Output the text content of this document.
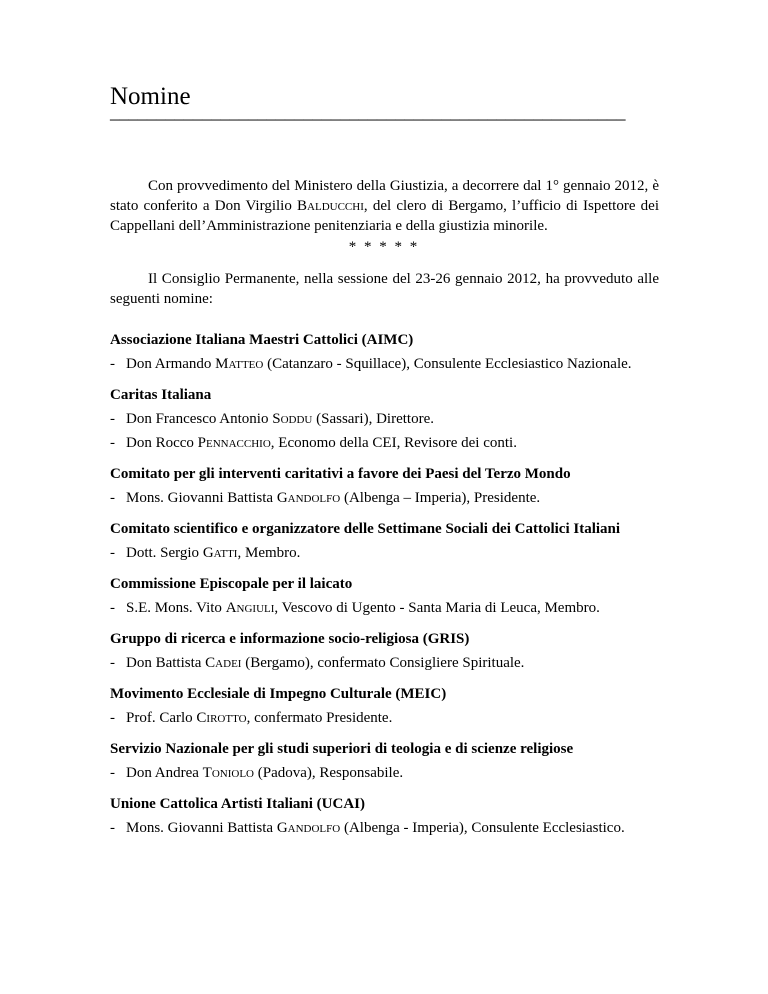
Nomine
________________________________________________________

Con provvedimento del Ministero della Giustizia, a decorrere dal 1° gennaio 2012, è stato conferito a Don Virgilio Balducchi, del clero di Bergamo, l’ufficio di Ispettore dei Cappellani dell’Amministrazione penitenziaria e della giustizia minorile.

* * * * *

Il Consiglio Permanente, nella sessione del 23-26 gennaio 2012, ha provveduto alle seguenti nomine:

Associazione Italiana Maestri Cattolici (AIMC)
- Don Armando Matteo (Catanzaro - Squillace), Consulente Ecclesiastico Nazionale.
Caritas Italiana
- Don Francesco Antonio Soddu (Sassari), Direttore.
- Don Rocco Pennacchio, Economo della CEI, Revisore dei conti.
Comitato per gli interventi caritativi a favore dei Paesi del Terzo Mondo
- Mons. Giovanni Battista Gandolfo (Albenga – Imperia), Presidente.
Comitato scientifico e organizzatore delle Settimane Sociali dei Cattolici Italiani
- Dott. Sergio Gatti, Membro.
Commissione Episcopale per il laicato
- S.E. Mons. Vito Angiuli, Vescovo di Ugento - Santa Maria di Leuca, Membro.
Gruppo di ricerca e informazione socio-religiosa (GRIS)
- Don Battista Cadei (Bergamo), confermato Consigliere Spirituale.
Movimento Ecclesiale di Impegno Culturale (MEIC)
- Prof. Carlo Cirotto, confermato Presidente.
Servizio Nazionale per gli studi superiori di teologia e di scienze religiose
- Don Andrea Toniolo (Padova), Responsabile.
Unione Cattolica Artisti Italiani (UCAI)
- Mons. Giovanni Battista Gandolfo (Albenga - Imperia), Consulente Ecclesiastico.
